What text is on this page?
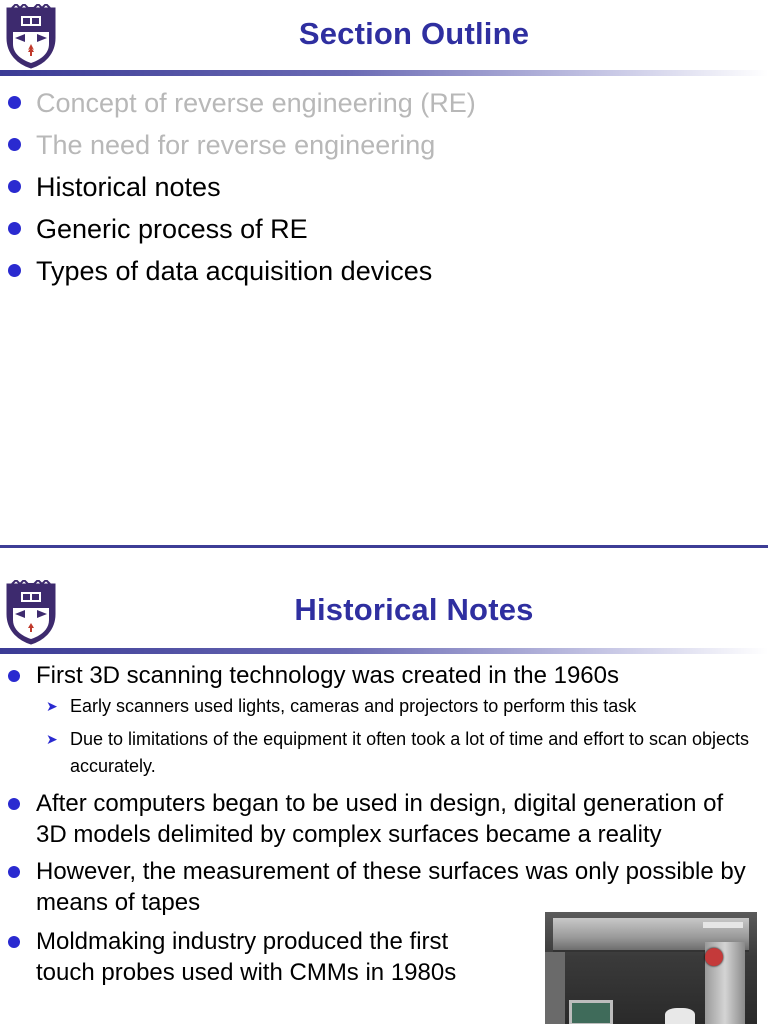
Section Outline
Concept of reverse engineering (RE)
The need for reverse engineering
Historical notes
Generic process of RE
Types of data acquisition devices
Historical Notes
First 3D scanning technology was created in the 1960s
➤ Early scanners used lights, cameras and projectors to perform this task
➤ Due to limitations of the equipment it often took a lot of time and effort to scan objects accurately.
After computers began to be used in design, digital generation of 3D models delimited by complex surfaces became a reality
However, the measurement of these surfaces was only possible by means of tapes
Moldmaking industry produced the first touch probes used with CMMs in 1980s
